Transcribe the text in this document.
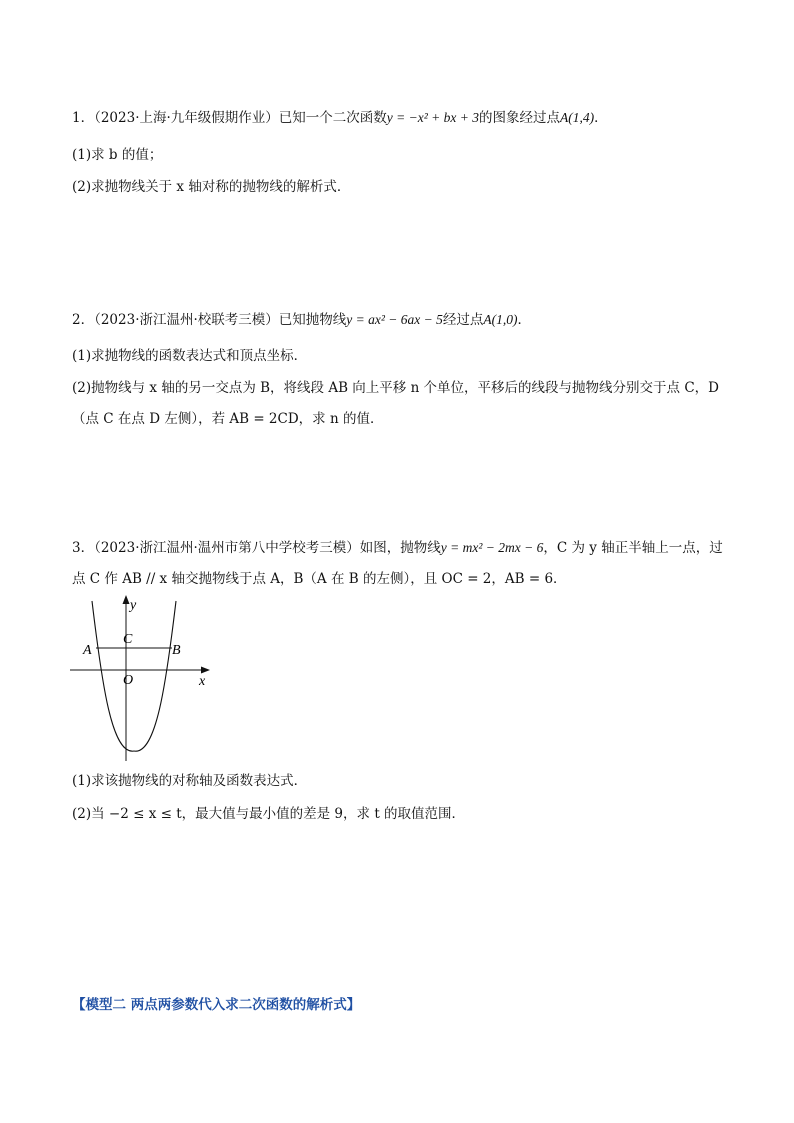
1．（2023·上海·九年级假期作业）已知一个二次函数y = −x² + bx + 3的图象经过点A(1,4)．
(1)求 b 的值；
(2)求抛物线关于 x 轴对称的抛物线的解析式．
2．（2023·浙江温州·校联考三模）已知抛物线y = ax² − 6ax − 5经过点A(1,0)．
(1)求抛物线的函数表达式和顶点坐标．
(2)抛物线与 x 轴的另一交点为 B，将线段 AB 向上平移 n 个单位，平移后的线段与抛物线分别交于点 C，D
（点 C 在点 D 左侧），若 AB = 2CD，求 n 的值．
3．（2023·浙江温州·温州市第八中学校考三模）如图，抛物线y = mx² − 2mx − 6，C 为 y 轴正半轴上一点，过
点 C 作 AB // x 轴交抛物线于点 A，B（A 在 B 的左侧），且 OC = 2，AB = 6．
y
x
A	B
C
O
(1)求该抛物线的对称轴及函数表达式．
(2)当 −2 ≤ x ≤ t，最大值与最小值的差是 9，求 t 的取值范围．
【模型二 两点两参数代入求二次函数的解析式】
